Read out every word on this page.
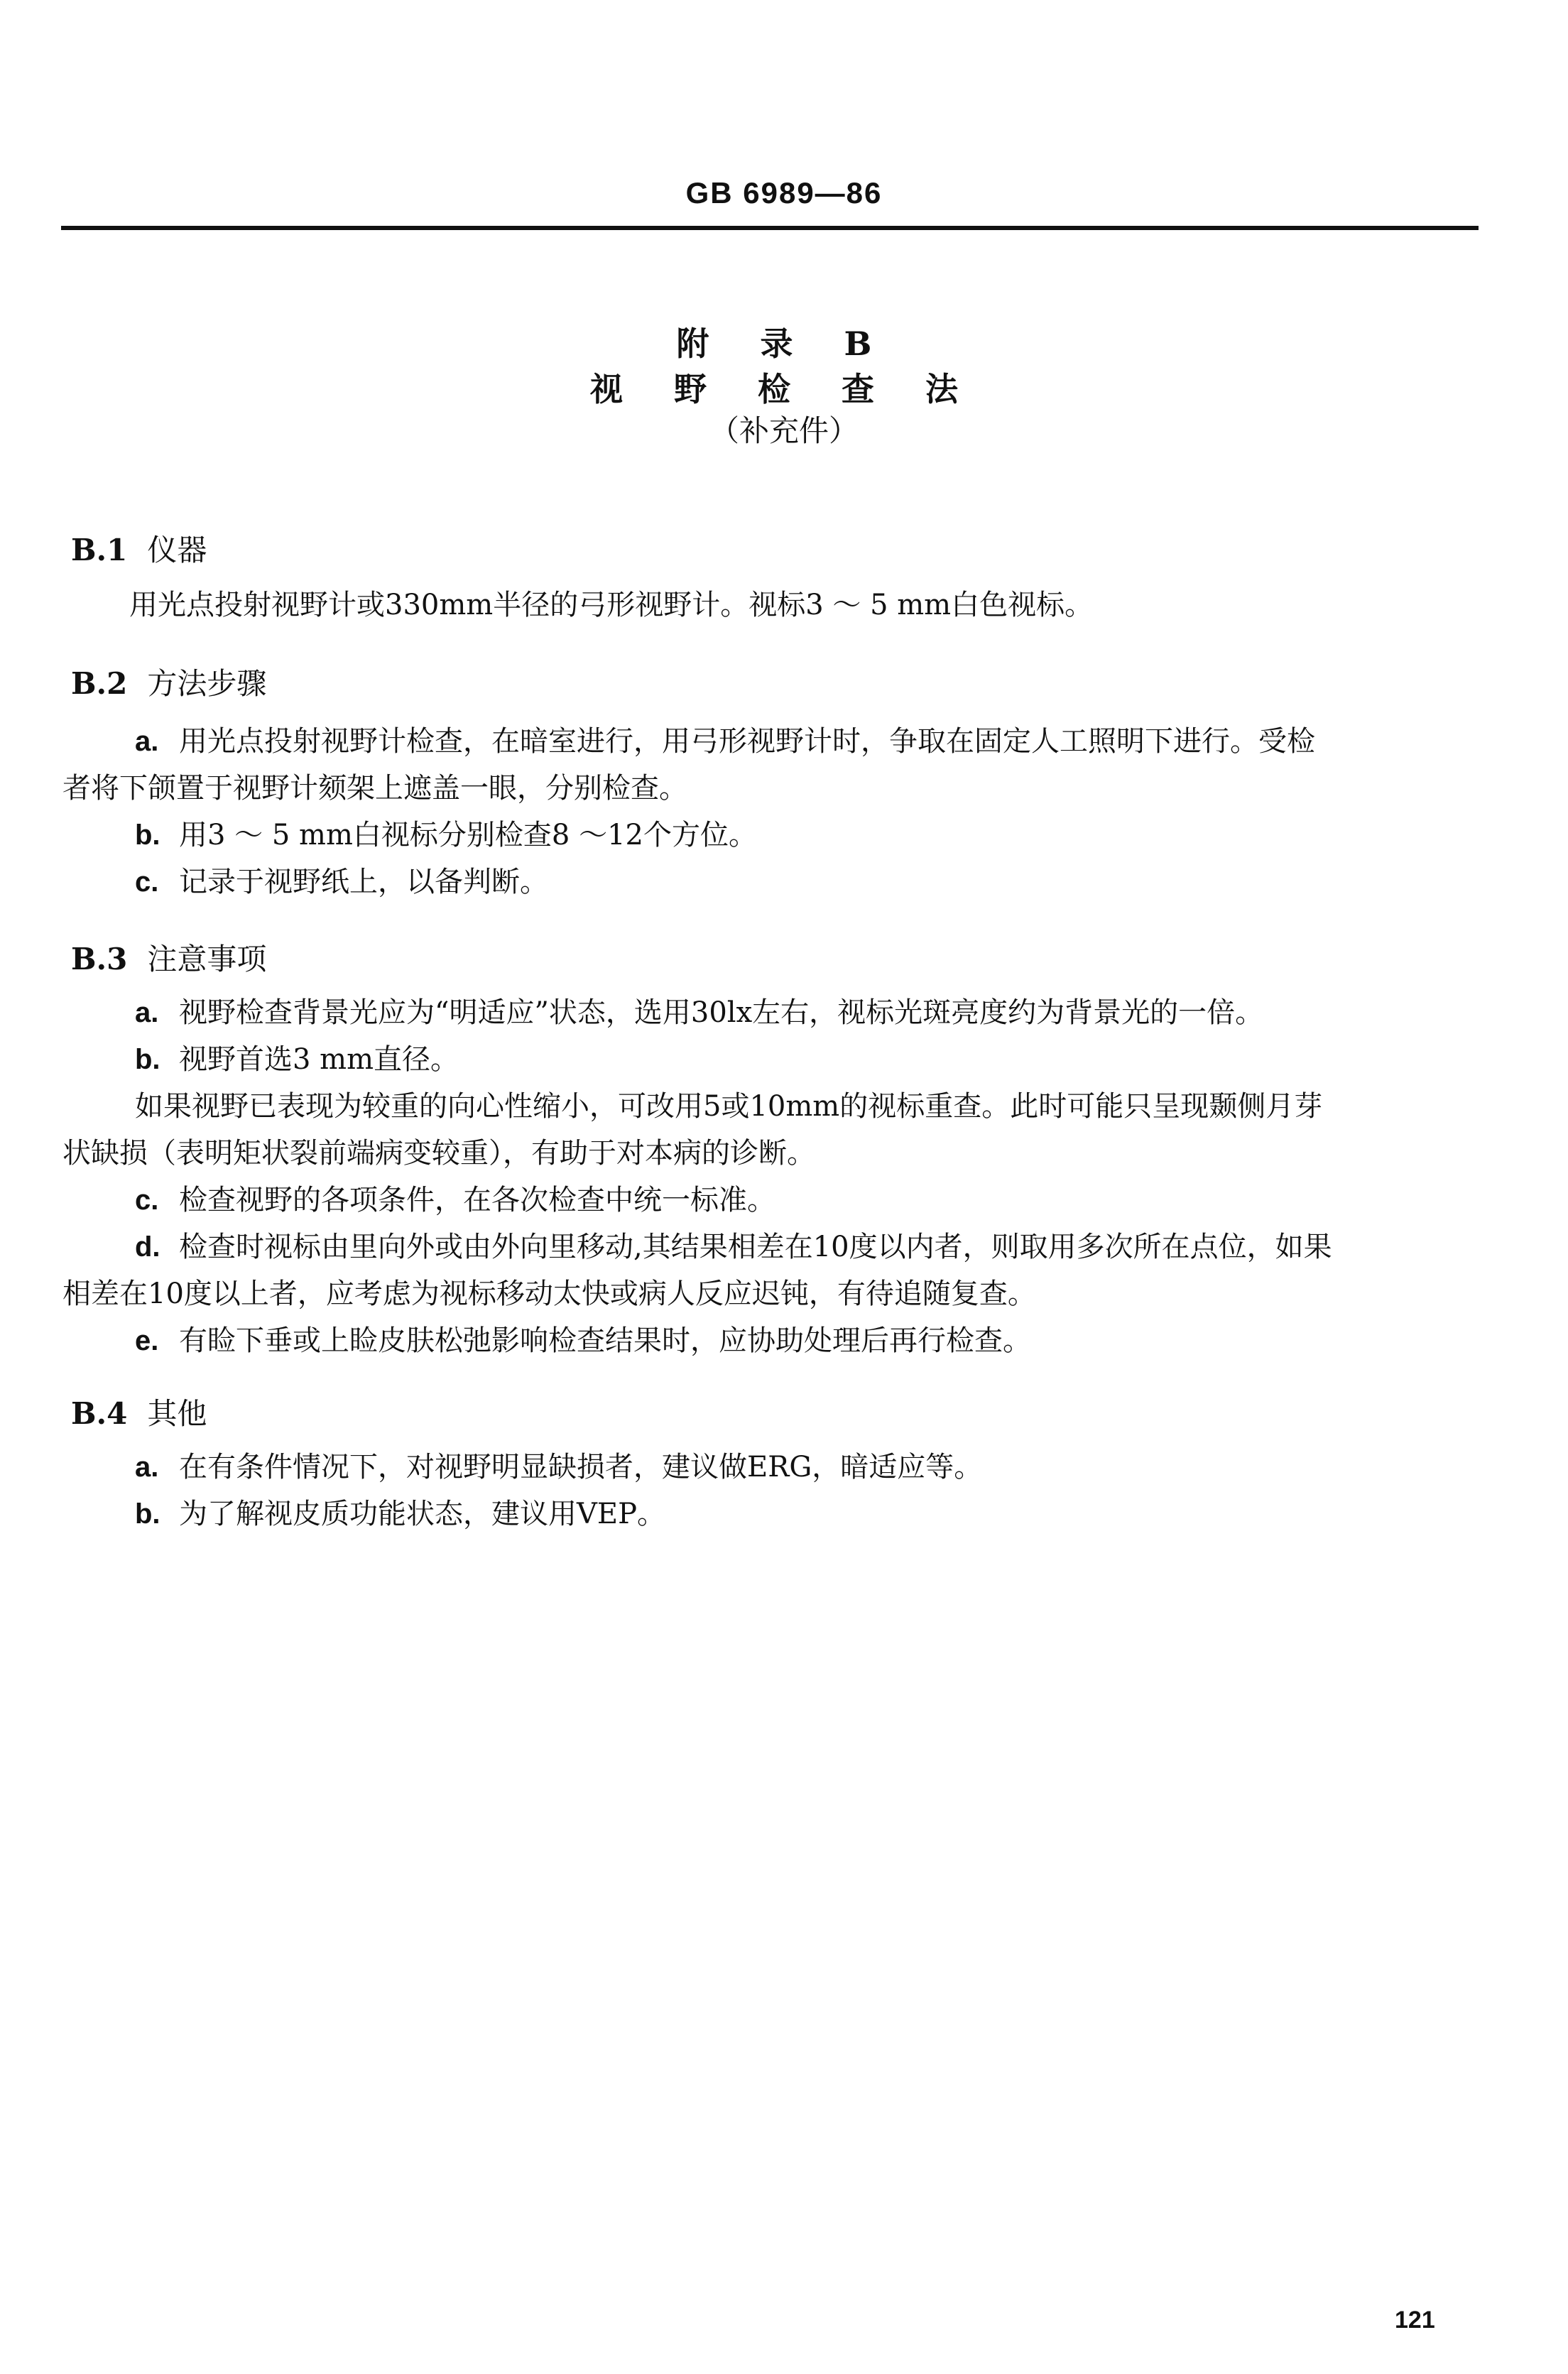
GB 6989—86
附 录 B
视 野 检 查 法
（补充件）
B.1 仪器
用光点投射视野计或330mm半径的弓形视野计。视标3 ～ 5 mm白色视标。
B.2 方法步骤
a. 用光点投射视野计检查，在暗室进行，用弓形视野计时，争取在固定人工照明下进行。受检
者将下颌置于视野计颏架上遮盖一眼，分别检查。
b. 用3 ～ 5 mm白视标分别检查8 ～12个方位。
c. 记录于视野纸上，以备判断。
B.3 注意事项
a. 视野检查背景光应为“明适应”状态，选用30lx左右，视标光斑亮度约为背景光的一倍。
b. 视野首选3 mm直径。
如果视野已表现为较重的向心性缩小，可改用5或10mm的视标重查。此时可能只呈现颞侧月芽
状缺损（表明矩状裂前端病变较重），有助于对本病的诊断。
c. 检查视野的各项条件，在各次检查中统一标准。
d. 检查时视标由里向外或由外向里移动,其结果相差在10度以内者，则取用多次所在点位，如果
相差在10度以上者，应考虑为视标移动太快或病人反应迟钝，有待追随复查。
e. 有睑下垂或上睑皮肤松弛影响检查结果时，应协助处理后再行检查。
B.4 其他
a. 在有条件情况下，对视野明显缺损者，建议做ERG，暗适应等。
b. 为了解视皮质功能状态，建议用VEP。
121
